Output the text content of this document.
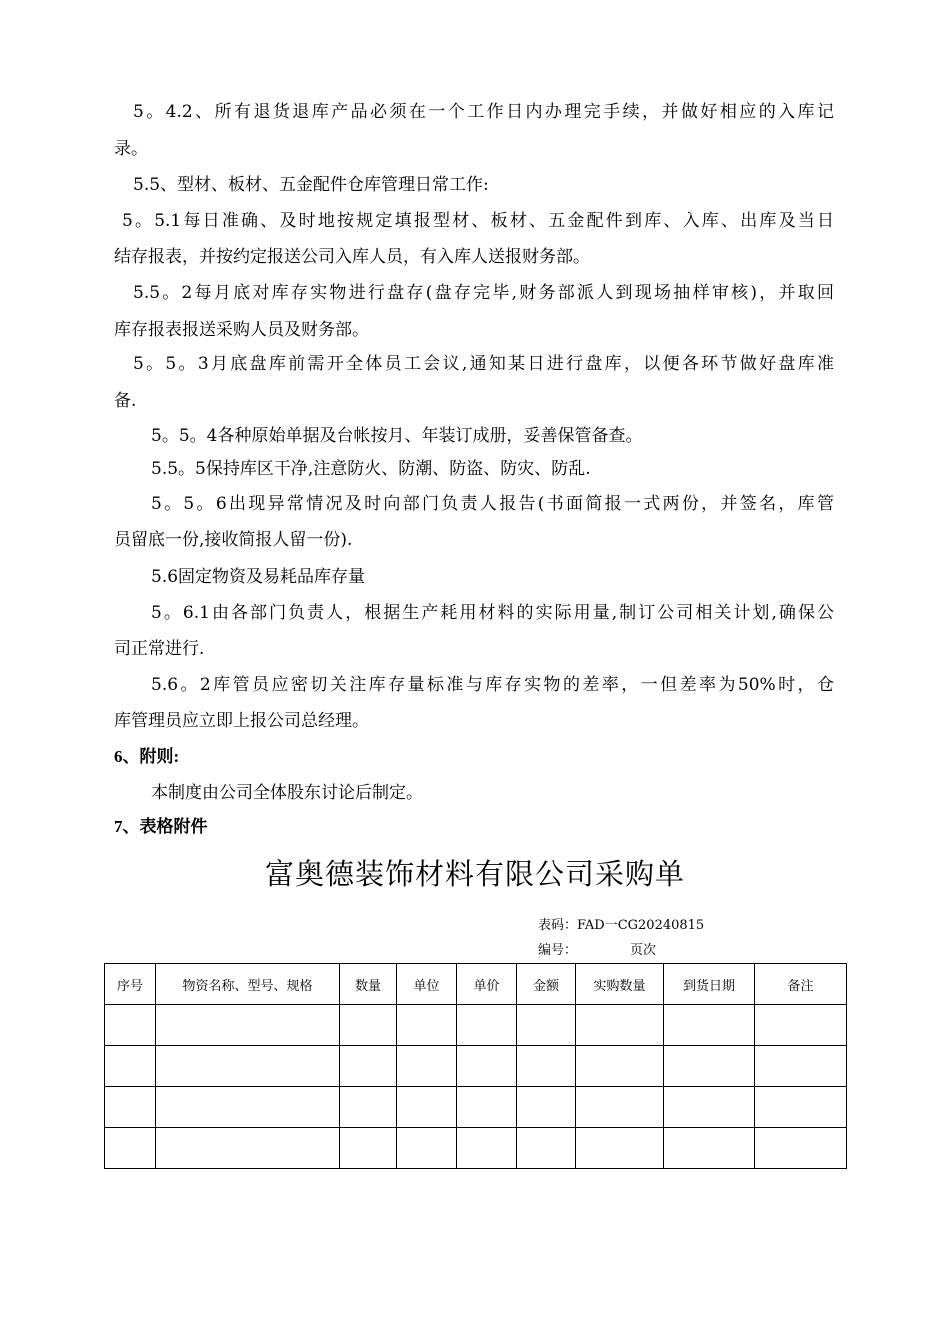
5。4.2、所有退货退库产品必须在一个工作日内办理完手续，并做好相应的入库记
录。
5.5、型材、板材、五金配件仓库管理日常工作:
5。5.1每日准确、及时地按规定填报型材、板材、五金配件到库、入库、出库及当日
结存报表，并按约定报送公司入库人员，有入库人送报财务部。
5.5。2每月底对库存实物进行盘存(盘存完毕,财务部派人到现场抽样审核)，并取回
库存报表报送采购人员及财务部。
5。5。3月底盘库前需开全体员工会议,通知某日进行盘库，以便各环节做好盘库准
备.
5。5。4各种原始单据及台帐按月、年装订成册，妥善保管备查。
5.5。5保持库区干净,注意防火、防潮、防盗、防灾、防乱.
5。5。6出现异常情况及时向部门负责人报告(书面简报一式两份，并签名，库管
员留底一份,接收简报人留一份).
5.6固定物资及易耗品库存量
5。6.1由各部门负责人，根据生产耗用材料的实际用量,制订公司相关计划,确保公
司正常进行.
5.6。2库管员应密切关注库存量标准与库存实物的差率，一但差率为50%时，仓
库管理员应立即上报公司总经理。
6、附则:
本制度由公司全体股东讨论后制定。
7、表格附件
富奥德装饰材料有限公司采购单
表码：FAD一CG20240815
编号：	页次
序号	物资名称、型号、规格	数量	单位	单价	金额	实购数量	到货日期	备注
